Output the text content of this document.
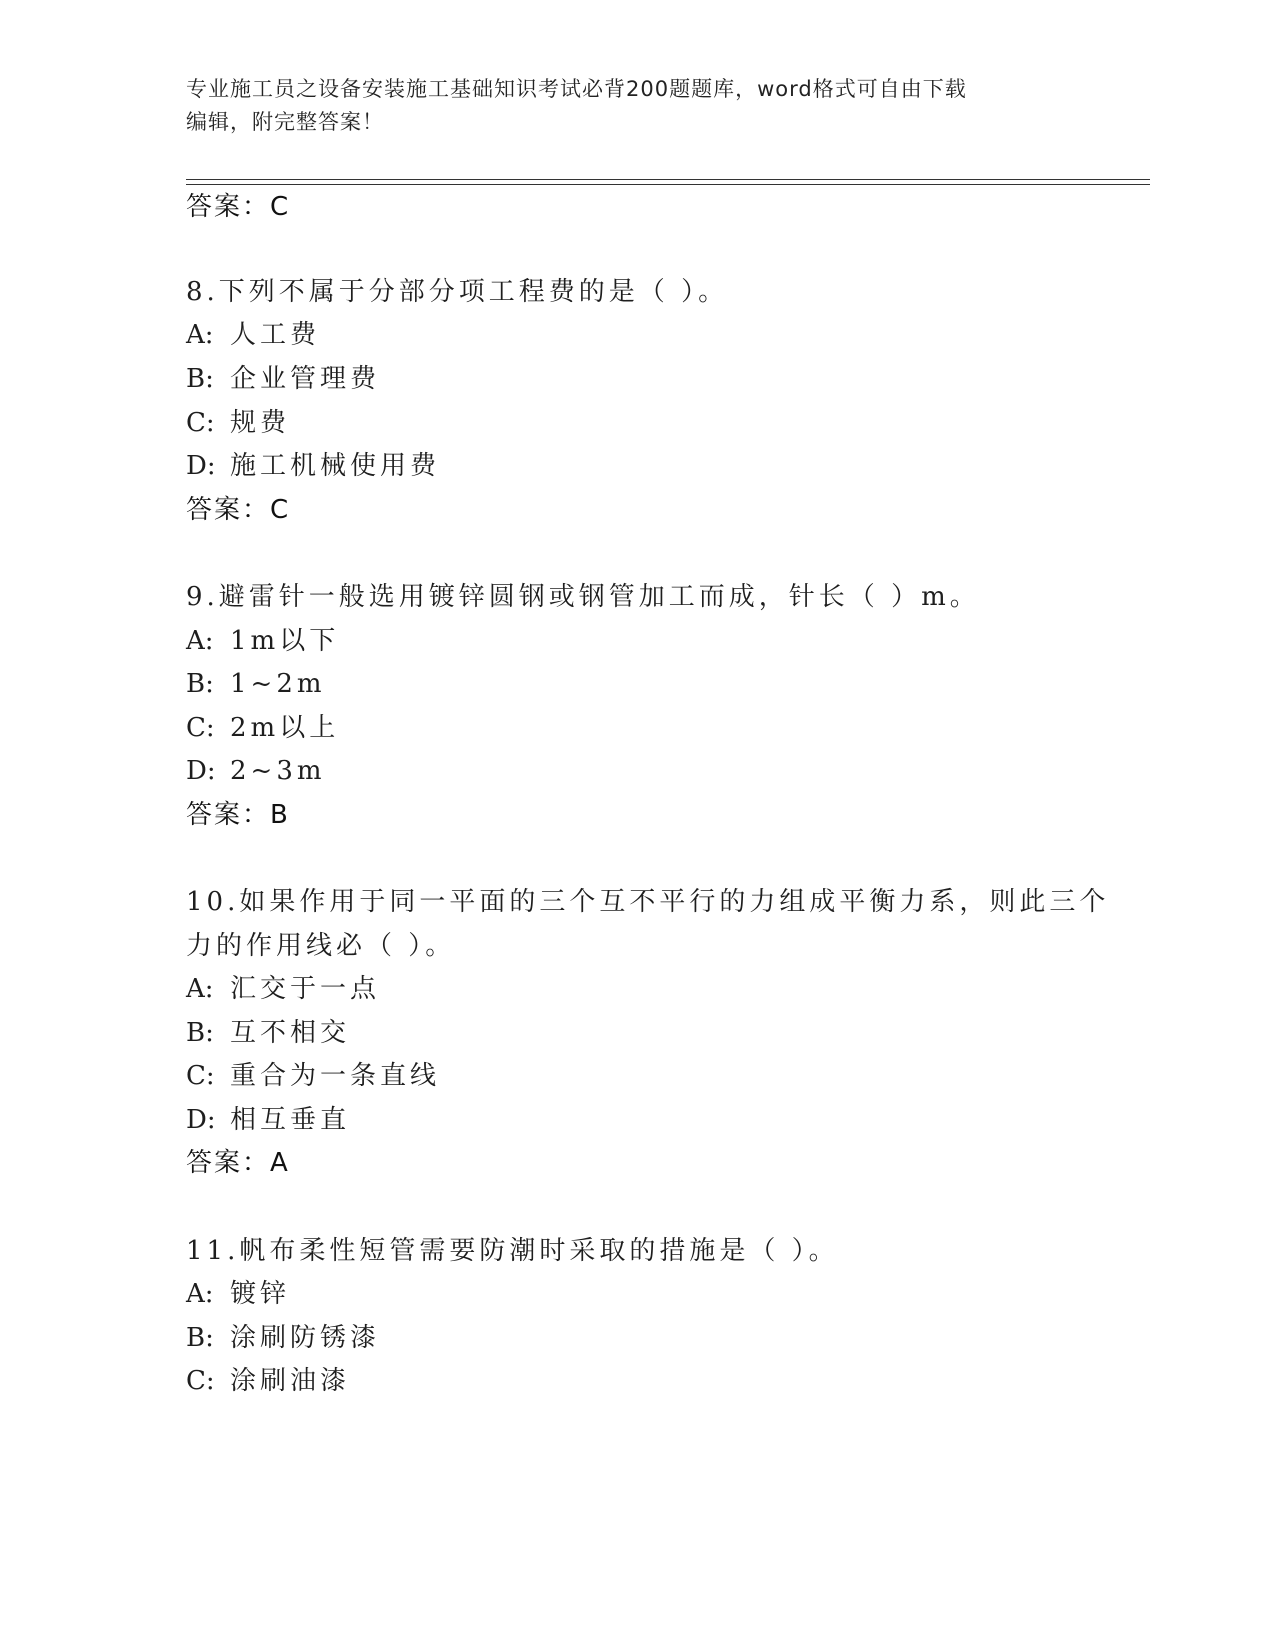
专业施工员之设备安装施工基础知识考试必背200题题库，word格式可自由下载
编辑，附完整答案！
答案：C
8.下列不属于分部分项工程费的是（ ）。
A: 人工费
B: 企业管理费
C: 规费
D: 施工机械使用费
答案：C
9.避雷针一般选用镀锌圆钢或钢管加工而成，针长（ ）m。
A: 1m以下
B: 1~2m
C: 2m以上
D: 2~3m
答案：B
10.如果作用于同一平面的三个互不平行的力组成平衡力系，则此三个
力的作用线必（ ）。
A: 汇交于一点
B: 互不相交
C: 重合为一条直线
D: 相互垂直
答案：A
11.帆布柔性短管需要防潮时采取的措施是（ ）。
A: 镀锌
B: 涂刷防锈漆
C: 涂刷油漆
